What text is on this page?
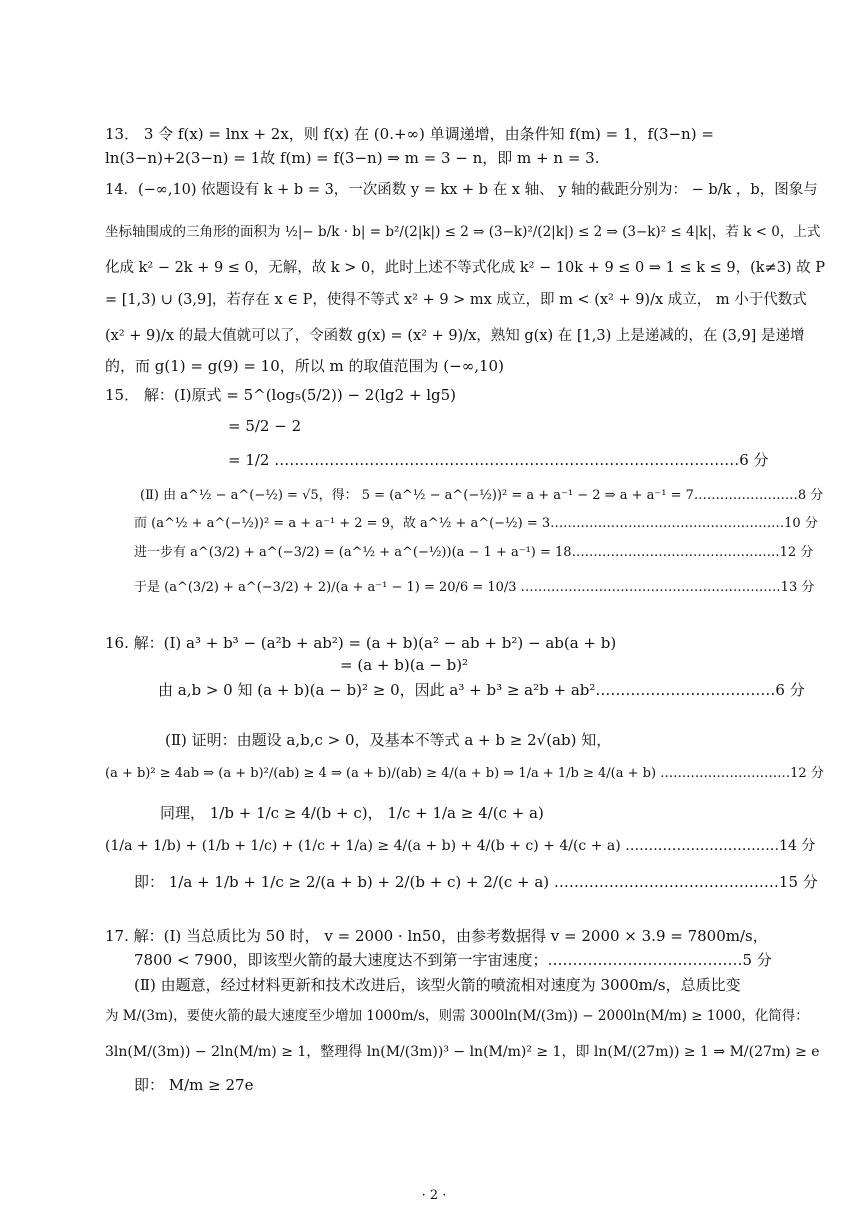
13． 3 令 f(x) = lnx + 2x，则 f(x) 在 (0.+∞) 单调递增，由条件知 f(m) = 1，f(3−n) =
ln(3−n)+2(3−n) = 1故 f(m) = f(3−n) ⇒ m = 3 − n，即 m + n = 3.
14．(−∞,10) 依题设有 k + b = 3，一次函数 y = kx + b 在 x 轴、 y 轴的截距分别为： − b/k ，b，图象与
坐标轴围成的三角形的面积为 ½|− b/k · b| = b²/(2|k|) ≤ 2 ⇒ (3−k)²/(2|k|) ≤ 2 ⇒ (3−k)² ≤ 4|k|，若 k < 0，上式
化成 k² − 2k + 9 ≤ 0，无解，故 k > 0，此时上述不等式化成 k² − 10k + 9 ≤ 0 ⇒ 1 ≤ k ≤ 9，(k≠3) 故 P
= [1,3) ∪ (3,9]，若存在 x ∈ P，使得不等式 x² + 9 > mx 成立，即 m < (x² + 9)/x 成立， m 小于代数式
(x² + 9)/x 的最大值就可以了，令函数 g(x) = (x² + 9)/x，熟知 g(x) 在 [1,3) 上是递减的，在 (3,9] 是递增
的，而 g(1) = g(9) = 10，所以 m 的取值范围为 (−∞,10)
15． 解：(Ⅰ)原式 = 5^(log₅(5/2)) − 2(lg2 + lg5)
= 5/2 − 2
= 1/2 …………………………………………………………………………………6 分
(Ⅱ) 由 a^½ − a^(−½) = √5，得： 5 = (a^½ − a^(−½))² = a + a⁻¹ − 2 ⇒ a + a⁻¹ = 7……………………8 分
而 (a^½ + a^(−½))² = a + a⁻¹ + 2 = 9，故 a^½ + a^(−½) = 3………………………………………………10 分
进一步有 a^(3/2) + a^(−3/2) = (a^½ + a^(−½))(a − 1 + a⁻¹) = 18…………………………………………12 分
于是 (a^(3/2) + a^(−3/2) + 2)/(a + a⁻¹ − 1) = 20/6 = 10/3 ……………………………………………………13 分
16. 解：(Ⅰ) a³ + b³ − (a²b + ab²) = (a + b)(a² − ab + b²) − ab(a + b)
= (a + b)(a − b)²
由 a,b > 0 知 (a + b)(a − b)² ≥ 0，因此 a³ + b³ ≥ a²b + ab²………………………………6 分
(Ⅱ) 证明：由题设 a,b,c > 0，及基本不等式 a + b ≥ 2√(ab) 知，
(a + b)² ≥ 4ab ⇒ (a + b)²/(ab) ≥ 4 ⇒ (a + b)/(ab) ≥ 4/(a + b) ⇒ 1/a + 1/b ≥ 4/(a + b) …………………………12 分
同理， 1/b + 1/c ≥ 4/(b + c)， 1/c + 1/a ≥ 4/(c + a)
(1/a + 1/b) + (1/b + 1/c) + (1/c + 1/a) ≥ 4/(a + b) + 4/(b + c) + 4/(c + a) ……………………………14 分
即： 1/a + 1/b + 1/c ≥ 2/(a + b) + 2/(b + c) + 2/(c + a) ………………………………………15 分
17. 解：(Ⅰ) 当总质比为 50 时， v = 2000 · ln50，由参考数据得 v = 2000 × 3.9 = 7800m/s，
7800 < 7900，即该型火箭的最大速度达不到第一宇宙速度；…………………………………5 分
(Ⅱ) 由题意，经过材料更新和技术改进后，该型火箭的喷流相对速度为 3000m/s，总质比变
为 M/(3m)，要使火箭的最大速度至少增加 1000m/s，则需 3000ln(M/(3m)) − 2000ln(M/m) ≥ 1000，化简得：
3ln(M/(3m)) − 2ln(M/m) ≥ 1，整理得 ln(M/(3m))³ − ln(M/m)² ≥ 1，即 ln(M/(27m)) ≥ 1 ⇒ M/(27m) ≥ e
即： M/m ≥ 27e
· 2 ·
